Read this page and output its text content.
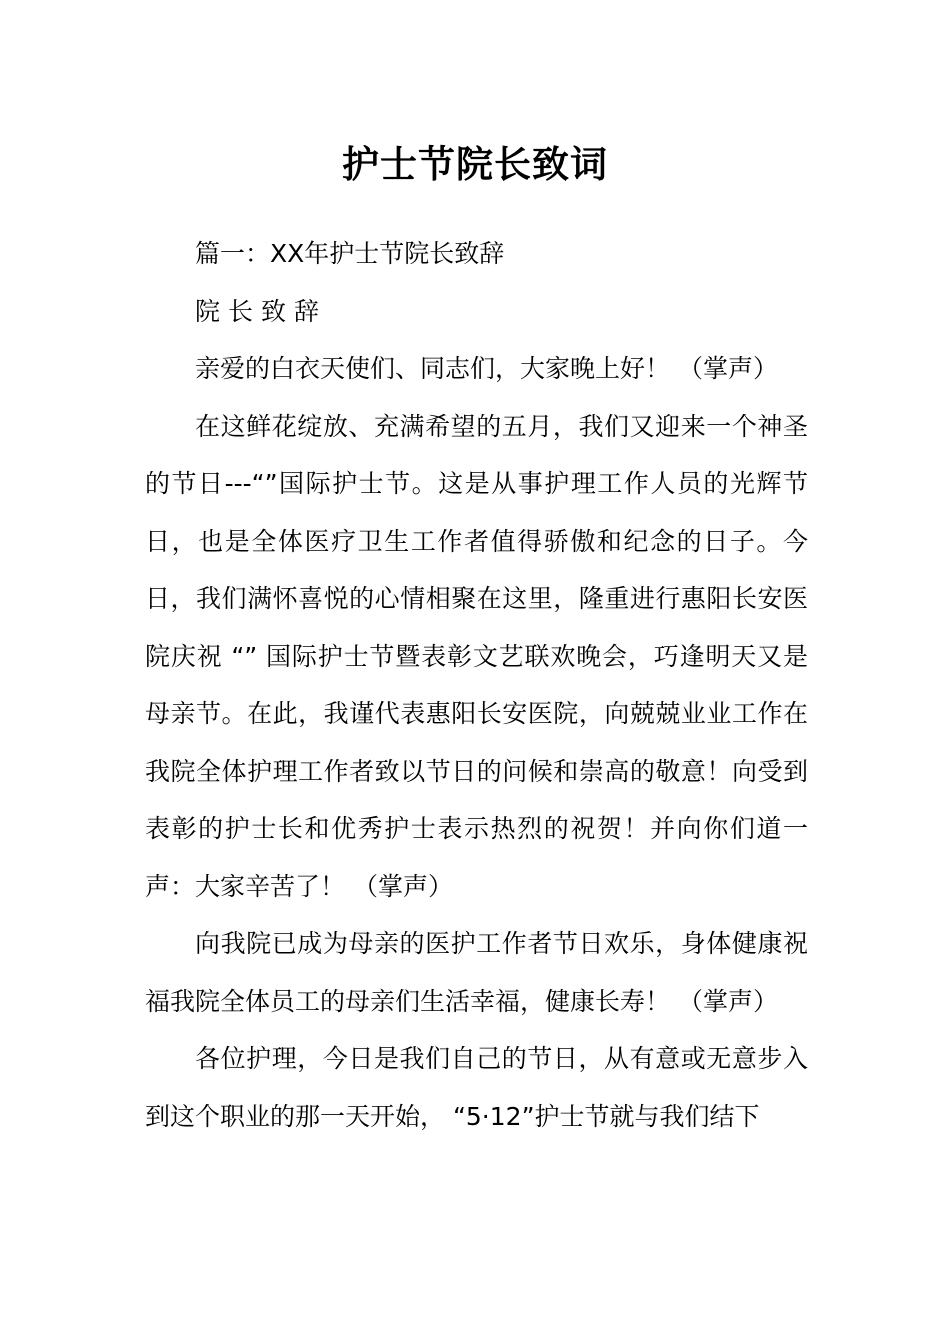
护士节院长致词

篇一：XX年护士节院长致辞

院长致辞

亲爱的白衣天使们、同志们，大家晚上好！ （掌声）

在这鲜花绽放、充满希望的五月，我们又迎来一个神圣的节日---“”国际护士节。这是从事护理工作人员的光辉节日，也是全体医疗卫生工作者值得骄傲和纪念的日子。今日，我们满怀喜悦的心情相聚在这里，隆重进行惠阳长安医院庆祝 “” 国际护士节暨表彰文艺联欢晚会，巧逢明天又是母亲节。在此，我谨代表惠阳长安医院，向兢兢业业工作在我院全体护理工作者致以节日的问候和崇高的敬意！向受到表彰的护士长和优秀护士表示热烈的祝贺！并向你们道一声：大家辛苦了！ （掌声）

向我院已成为母亲的医护工作者节日欢乐，身体健康祝福我院全体员工的母亲们生活幸福，健康长寿！ （掌声）

各位护理，今日是我们自己的节日，从有意或无意步入到这个职业的那一天开始， “5·12”护士节就与我们结下
